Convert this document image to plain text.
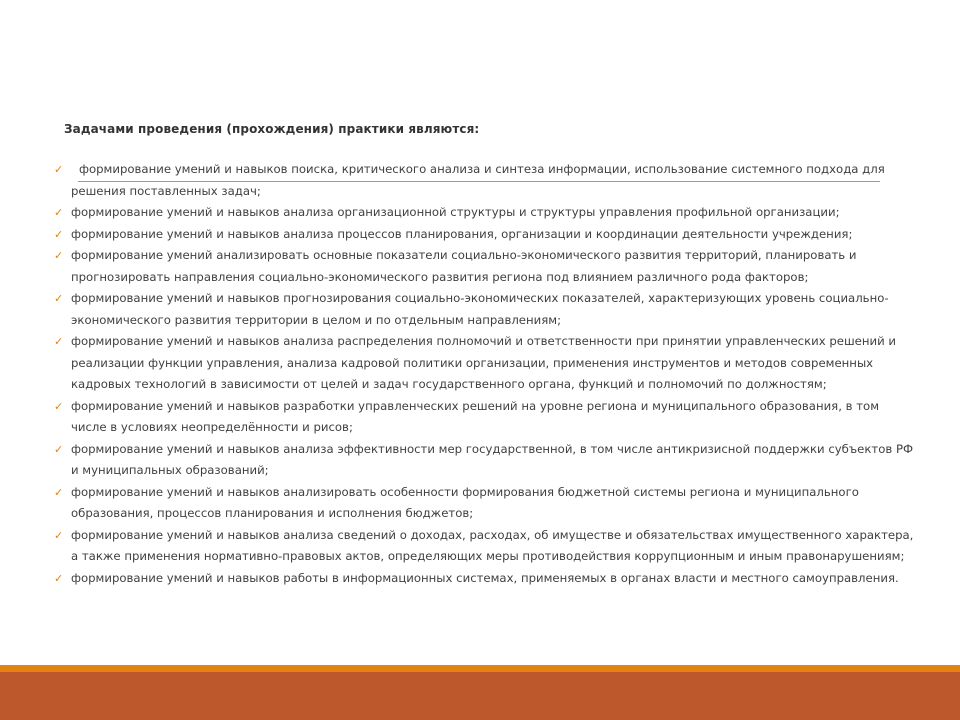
Задачами проведения (прохождения) практики являются:
✓ формирование умений и навыков поиска, критического анализа и синтеза информации, использование системного подхода для решения поставленных задач;
✓ формирование умений и навыков анализа организационной структуры и структуры управления профильной организации;
✓ формирование умений и навыков анализа процессов планирования, организации и координации деятельности учреждения;
✓ формирование умений анализировать основные показатели социально-экономического развития территорий, планировать и прогнозировать направления социально-экономического развития региона под влиянием различного рода факторов;
✓ формирование умений и навыков прогнозирования социально-экономических показателей, характеризующих уровень социально-экономического развития территории в целом и по отдельным направлениям;
✓ формирование умений и навыков анализа распределения полномочий и ответственности при принятии управленческих решений и реализации функции управления, анализа кадровой политики организации, применения инструментов и методов современных кадровых технологий в зависимости от целей и задач государственного органа, функций и полномочий по должностям;
✓ формирование умений и навыков разработки управленческих решений на уровне региона и муниципального образования, в том числе в условиях неопределённости и рисов;
✓ формирование умений и навыков анализа эффективности мер государственной, в том числе антикризисной поддержки субъектов РФ и муниципальных образований;
✓ формирование умений и навыков анализировать особенности формирования бюджетной системы региона и муниципального образования, процессов планирования и исполнения бюджетов;
✓ формирование умений и навыков анализа сведений о доходах, расходах, об имуществе и обязательствах имущественного характера, а также применения нормативно-правовых актов, определяющих меры противодействия коррупционным и иным правонарушениям;
✓ формирование умений и навыков работы в информационных системах, применяемых в органах власти и местного самоуправления.
